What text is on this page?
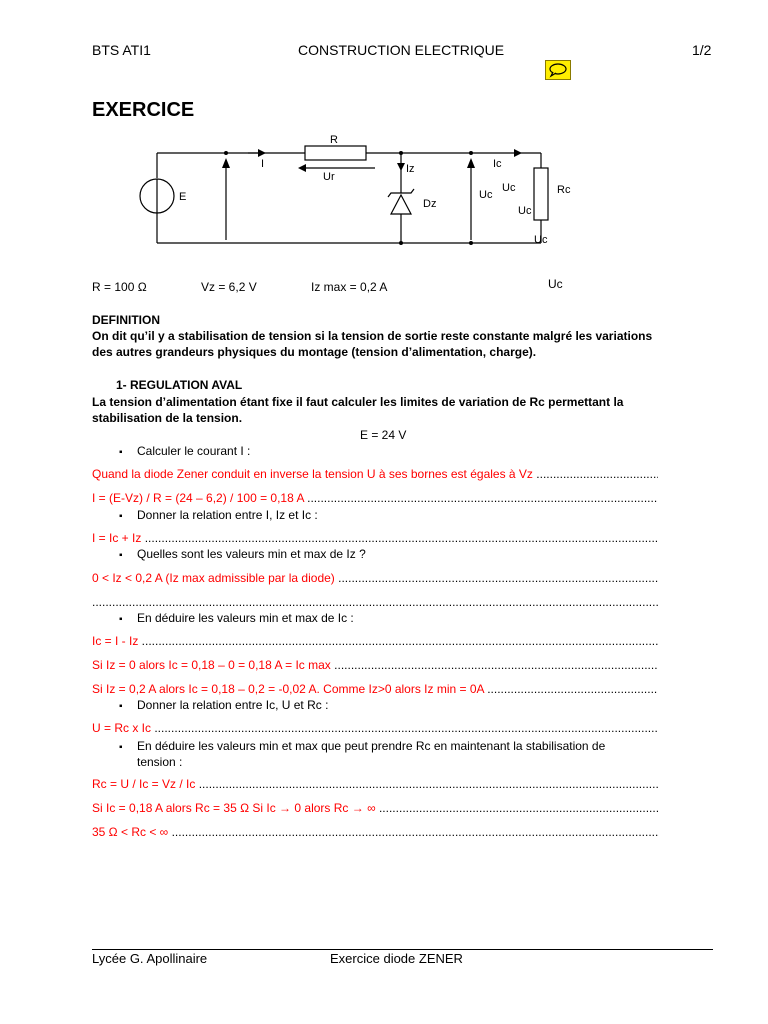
BTS ATI1	CONSTRUCTION ELECTRIQUE	1/2
EXERCICE
R
I
Ur
Iz
Dz
Ic
Uc
Uc
Uc
Uc
Rc
E
R = 100 Ω	Vz = 6,2 V	Iz max = 0,2 A	Uc
DEFINITION
On dit qu’il y a stabilisation de tension si la tension de sortie reste constante malgré les variations
des autres grandeurs physiques du montage (tension d’alimentation, charge).
1- REGULATION AVAL
La tension d’alimentation étant fixe il faut calculer les limites de variation de Rc permettant la
stabilisation de la tension.
E = 24 V
▪ Calculer le courant I :
Quand la diode Zener conduit en inverse la tension U à ses bornes est égales à Vz .....
I = (E-Vz) / R = (24 – 6,2) / 100 = 0,18 A .....
▪ Donner la relation entre I, Iz et Ic :
I = Ic + Iz .....
▪ Quelles sont les valeurs min et max de Iz ?
0 < Iz < 0,2 A (Iz max admissible par la diode) .....
.....
▪ En déduire les valeurs min et max de Ic :
Ic = I - Iz .....
Si Iz = 0 alors Ic = 0,18 – 0 = 0,18 A = Ic max .....
Si Iz = 0,2 A alors Ic = 0,18 – 0,2 = -0,02 A. Comme Iz>0 alors Iz min = 0A .....
▪ Donner la relation entre Ic, U et Rc :
U = Rc x Ic .....
▪ En déduire les valeurs min et max que peut prendre Rc en maintenant la stabilisation de
tension :
Rc = U / Ic = Vz / Ic .....
Si Ic = 0,18 A alors Rc = 35 Ω Si Ic → 0 alors Rc → ∞ .....
35 Ω < Rc < ∞ .....
Lycée G. Apollinaire	Exercice diode ZENER
